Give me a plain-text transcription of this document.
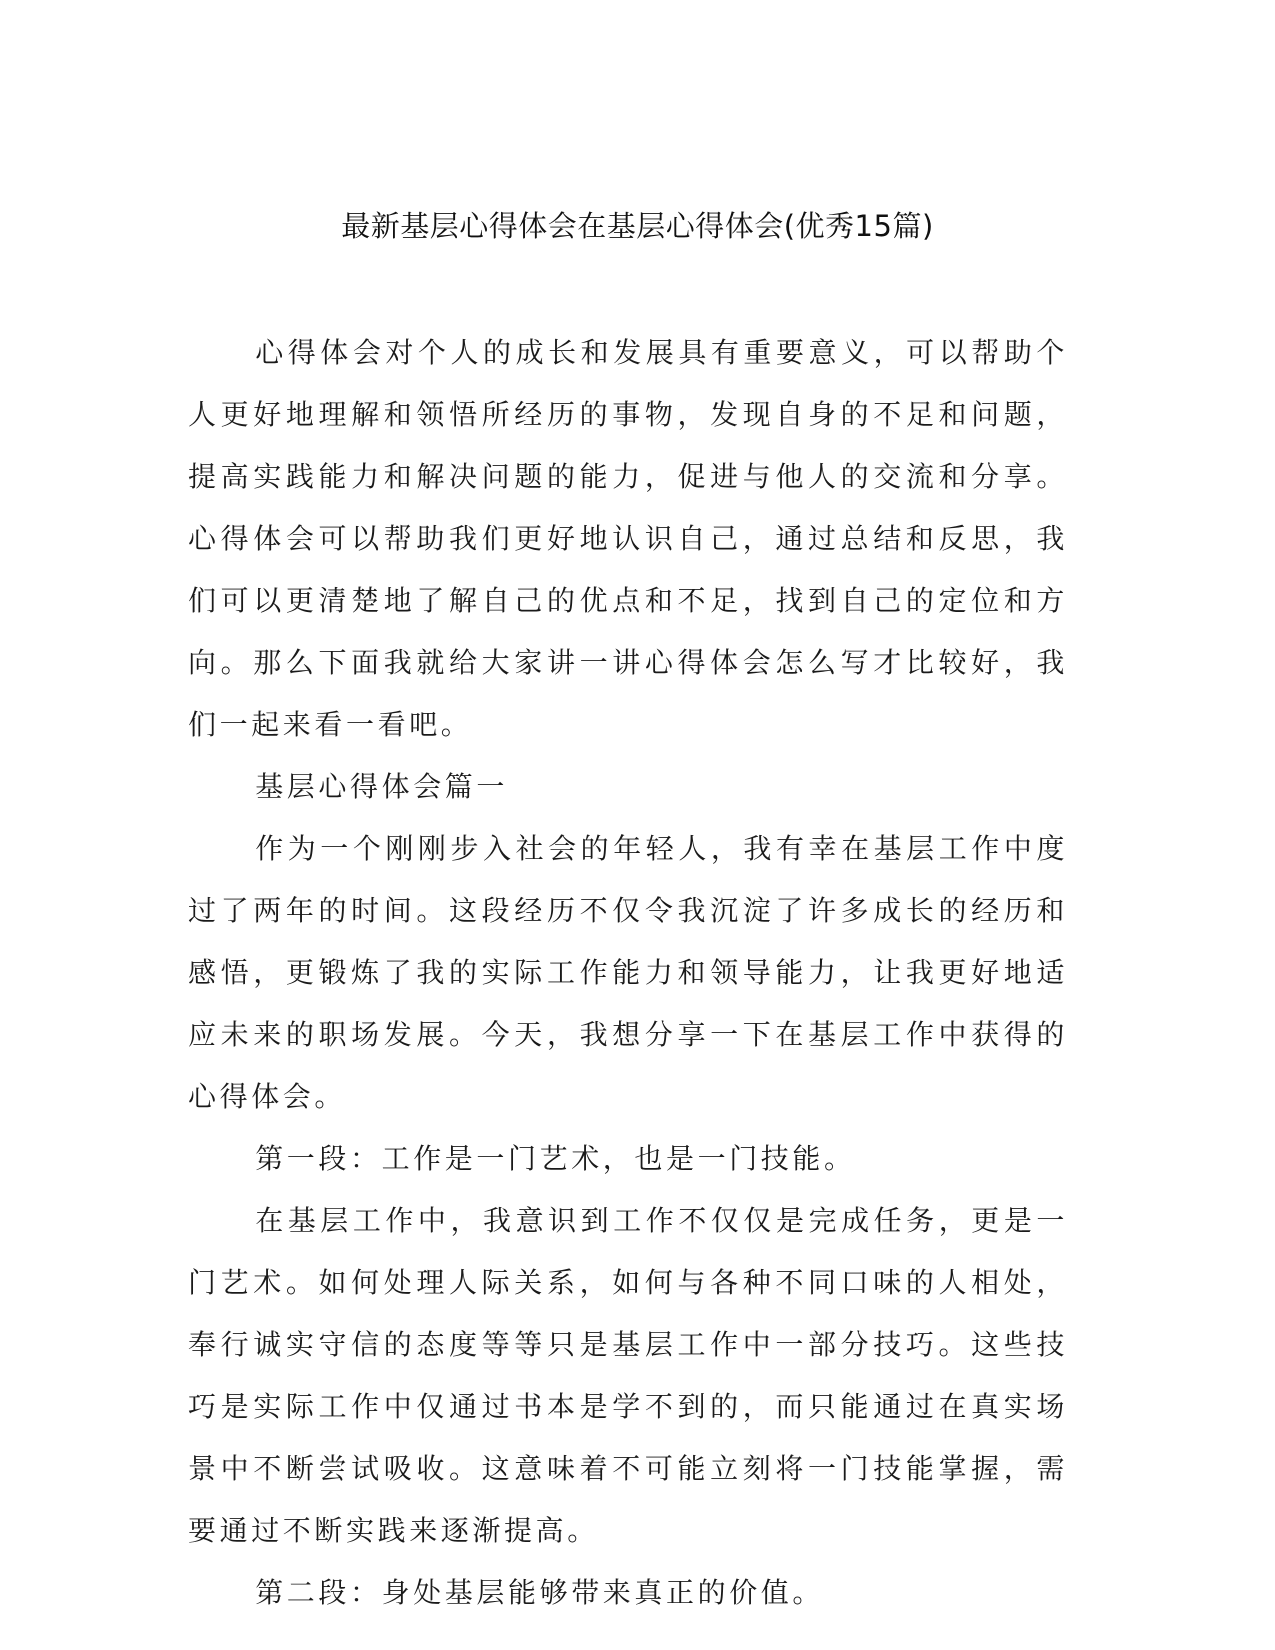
最新基层心得体会在基层心得体会(优秀15篇)

心得体会对个人的成长和发展具有重要意义，可以帮助个人更好地理解和领悟所经历的事物，发现自身的不足和问题，提高实践能力和解决问题的能力，促进与他人的交流和分享。心得体会可以帮助我们更好地认识自己，通过总结和反思，我们可以更清楚地了解自己的优点和不足，找到自己的定位和方向。那么下面我就给大家讲一讲心得体会怎么写才比较好，我们一起来看一看吧。

基层心得体会篇一

作为一个刚刚步入社会的年轻人，我有幸在基层工作中度过了两年的时间。这段经历不仅令我沉淀了许多成长的经历和感悟，更锻炼了我的实际工作能力和领导能力，让我更好地适应未来的职场发展。今天，我想分享一下在基层工作中获得的心得体会。

第一段：工作是一门艺术，也是一门技能。

在基层工作中，我意识到工作不仅仅是完成任务，更是一门艺术。如何处理人际关系，如何与各种不同口味的人相处，奉行诚实守信的态度等等只是基层工作中一部分技巧。这些技巧是实际工作中仅通过书本是学不到的，而只能通过在真实场景中不断尝试吸收。这意味着不可能立刻将一门技能掌握，需要通过不断实践来逐渐提高。

第二段：身处基层能够带来真正的价值。
